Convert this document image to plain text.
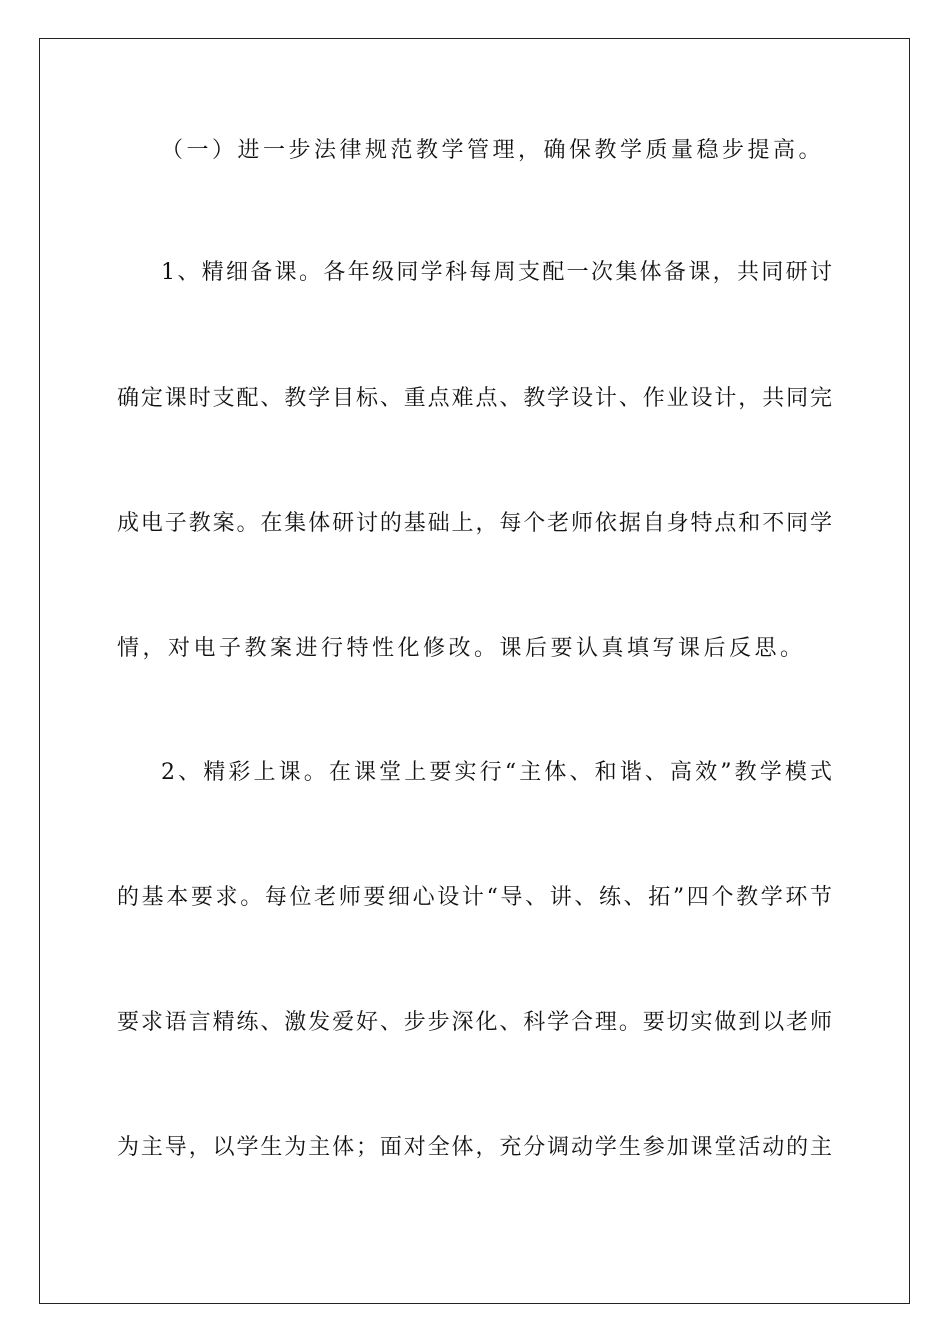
（一）进一步法律规范教学管理，确保教学质量稳步提高。
1、精细备课。各年级同学科每周支配一次集体备课，共同研讨
确定课时支配、教学目标、重点难点、教学设计、作业设计，共同完
成电子教案。在集体研讨的基础上，每个老师依据自身特点和不同学
情，对电子教案进行特性化修改。课后要认真填写课后反思。
2、精彩上课。在课堂上要实行“主体、和谐、高效”教学模式
的基本要求。每位老师要细心设计“导、讲、练、拓”四个教学环节
要求语言精练、激发爱好、步步深化、科学合理。要切实做到以老师
为主导，以学生为主体；面对全体，充分调动学生参加课堂活动的主
